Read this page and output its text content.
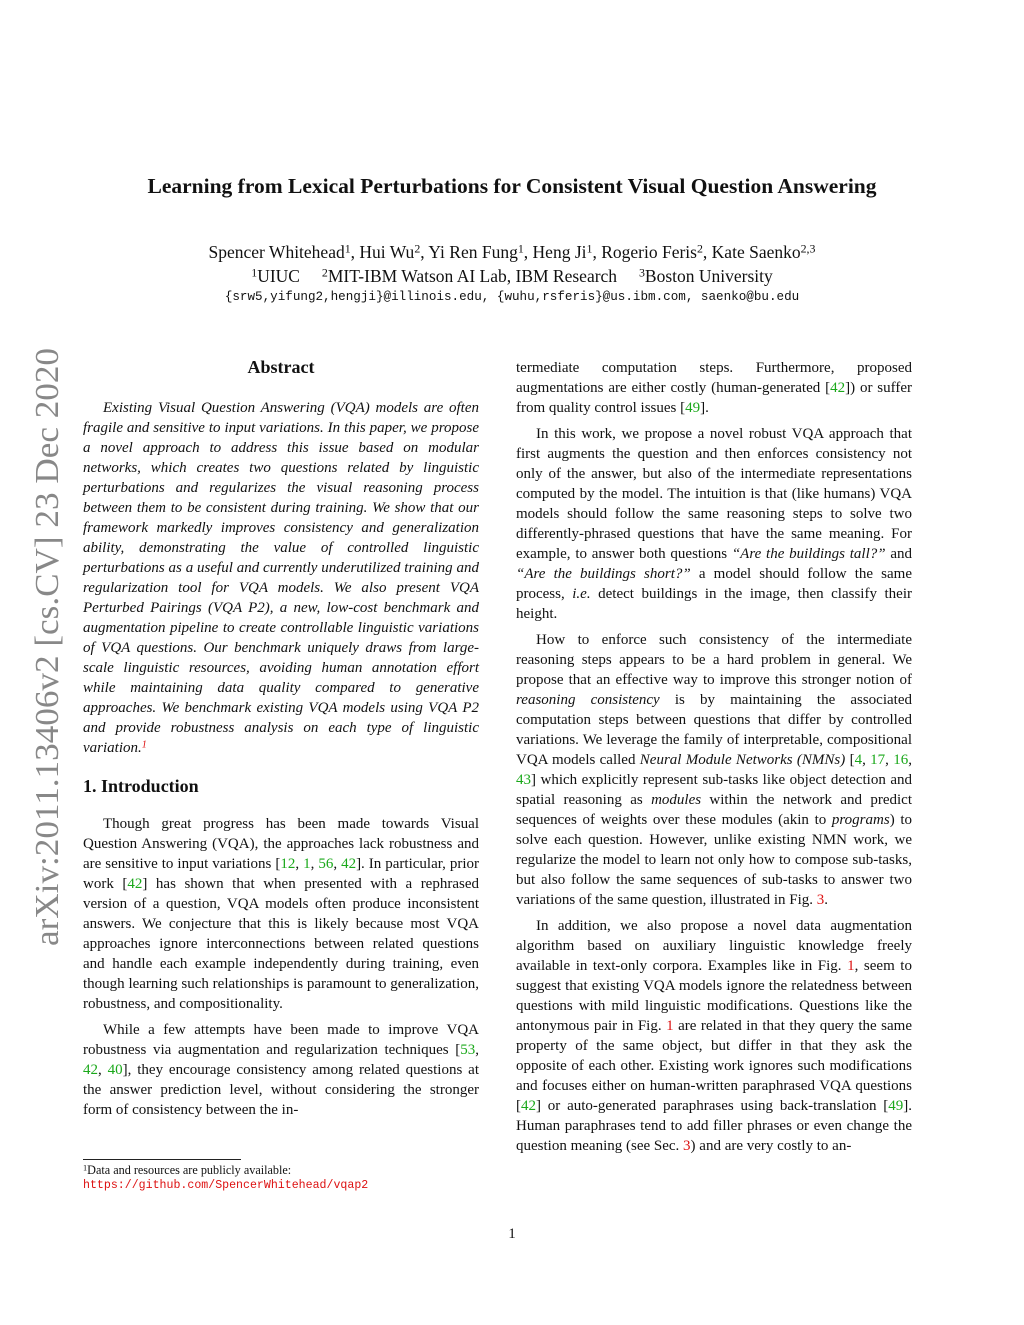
arXiv:2011.13406v2 [cs.CV] 23 Dec 2020
Learning from Lexical Perturbations for Consistent Visual Question Answering
Spencer Whitehead$^1$, Hui Wu$^2$, Yi Ren Fung$^1$, Heng Ji$^1$, Rogerio Feris$^2$, Kate Saenko$^{2,3}$
$^1$UIUC $^2$MIT-IBM Watson AI Lab, IBM Research $^3$Boston University
{srw5,yifung2,hengji}@illinois.edu, {wuhu,rsferis}@us.ibm.com, saenko@bu.edu
Abstract

Existing Visual Question Answering (VQA) models are often fragile and sensitive to input variations. In this paper, we propose a novel approach to address this issue based on modular networks, which creates two questions related by linguistic perturbations and regularizes the visual reasoning process between them to be consistent during training. We show that our framework markedly improves consistency and generalization ability, demonstrating the value of controlled linguistic perturbations as a useful and currently underutilized training and regularization tool for VQA models. We also present VQA Perturbed Pairings (VQA P2), a new, low-cost benchmark and augmentation pipeline to create controllable linguistic variations of VQA questions. Our benchmark uniquely draws from large-scale linguistic resources, avoiding human annotation effort while maintaining data quality compared to generative approaches. We benchmark existing VQA models using VQA P2 and provide robustness analysis on each type of linguistic variation.$^1$

1. Introduction

Though great progress has been made towards Visual Question Answering (VQA), the approaches lack robustness and are sensitive to input variations [12, 1, 56, 42]. In particular, prior work [42] has shown that when presented with a rephrased version of a question, VQA models often produce inconsistent answers. We conjecture that this is likely because most VQA approaches ignore interconnections between related questions and handle each example independently during training, even though learning such relationships is paramount to generalization, robustness, and compositionality.

While a few attempts have been made to improve VQA robustness via augmentation and regularization techniques [53, 42, 40], they encourage consistency among related questions at the answer prediction level, without considering the stronger form of consistency between the in-

$^1$Data and resources are publicly available:
https://github.com/SpencerWhitehead/vqap2

termediate computation steps. Furthermore, proposed augmentations are either costly (human-generated [42]) or suffer from quality control issues [49].

In this work, we propose a novel robust VQA approach that first augments the question and then enforces consistency not only of the answer, but also of the intermediate representations computed by the model. The intuition is that (like humans) VQA models should follow the same reasoning steps to solve two differently-phrased questions that have the same meaning. For example, to answer both questions “Are the buildings tall?” and “Are the buildings short?” a model should follow the same process, i.e. detect buildings in the image, then classify their height.

How to enforce such consistency of the intermediate reasoning steps appears to be a hard problem in general. We propose that an effective way to improve this stronger notion of reasoning consistency is by maintaining the associated computation steps between questions that differ by controlled variations. We leverage the family of interpretable, compositional VQA models called Neural Module Networks (NMNs) [4, 17, 16, 43] which explicitly represent sub-tasks like object detection and spatial reasoning as modules within the network and predict sequences of weights over these modules (akin to programs) to solve each question. However, unlike existing NMN work, we regularize the model to learn not only how to compose sub-tasks, but also follow the same sequences of sub-tasks to answer two variations of the same question, illustrated in Fig. 3.

In addition, we also propose a novel data augmentation algorithm based on auxiliary linguistic knowledge freely available in text-only corpora. Examples like in Fig. 1, seem to suggest that existing VQA models ignore the relatedness between questions with mild linguistic modifications. Questions like the antonymous pair in Fig. 1 are related in that they query the same property of the same object, but differ in that they ask the opposite of each other. Existing work ignores such modifications and focuses either on human-written paraphrased VQA questions [42] or auto-generated paraphrases using back-translation [49]. Human paraphrases tend to add filler phrases or even change the question meaning (see Sec. 3) and are very costly to an-

1
